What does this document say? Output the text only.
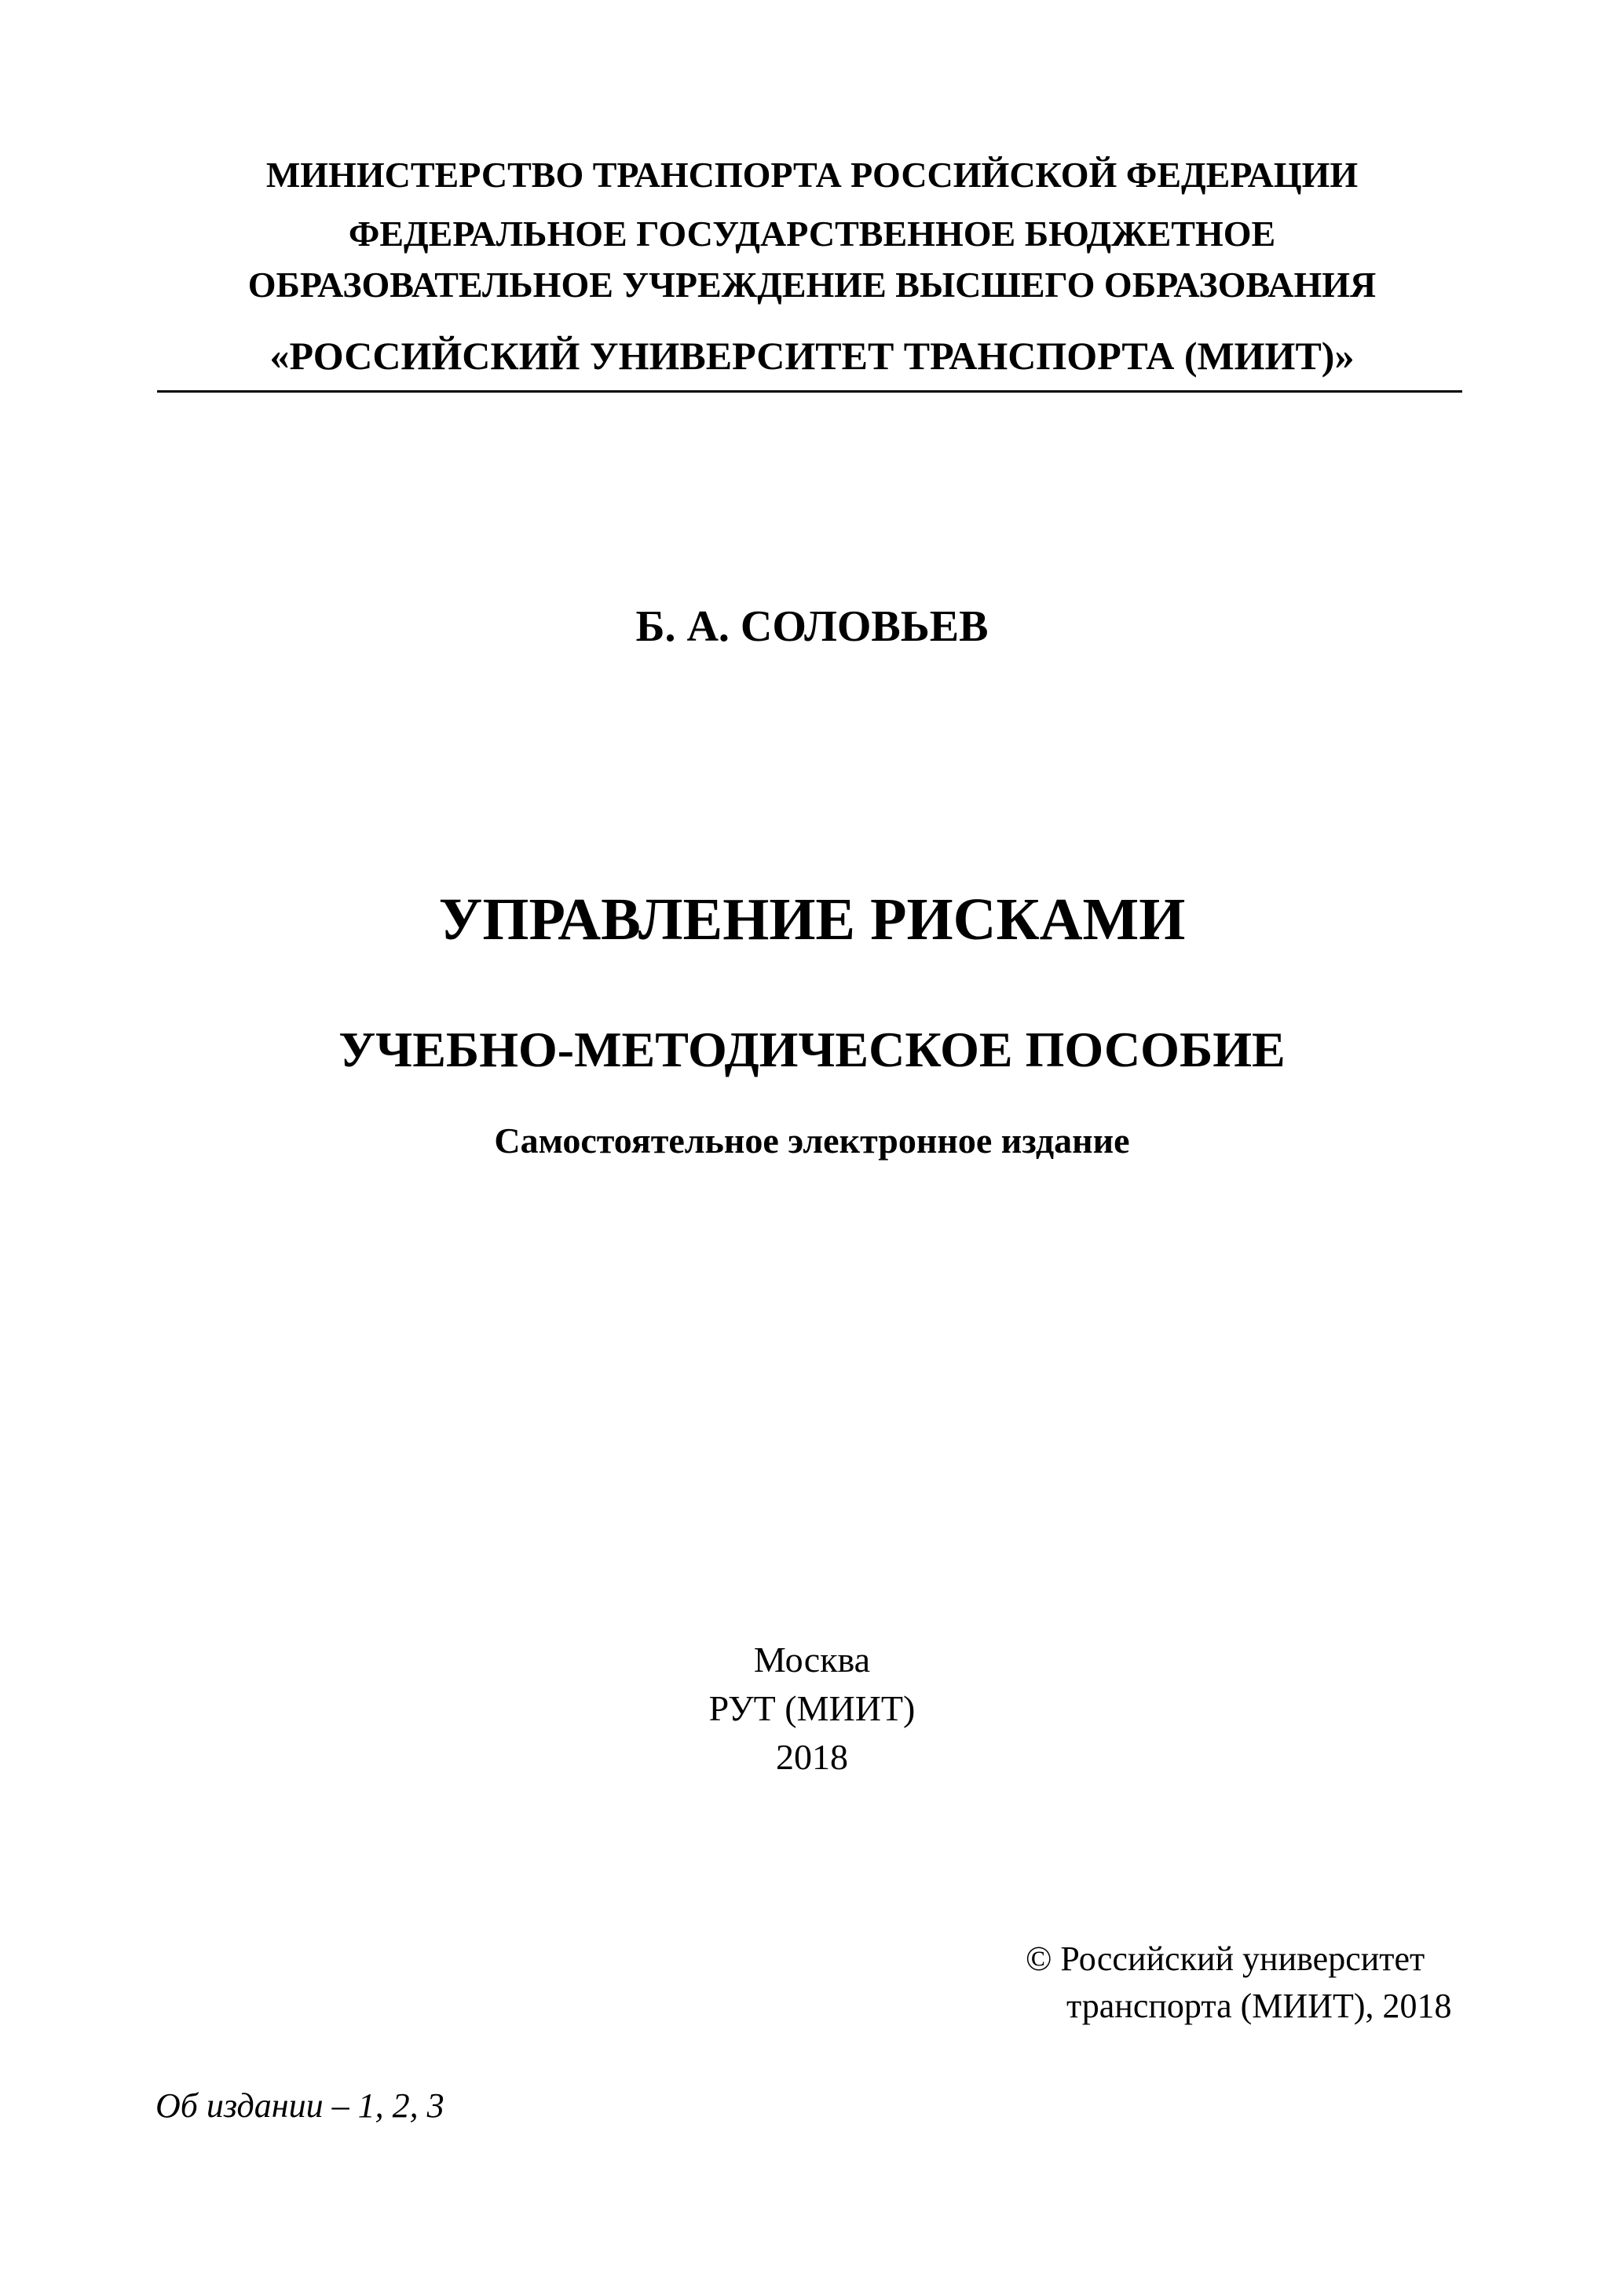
МИНИСТЕРСТВО ТРАНСПОРТА РОССИЙСКОЙ ФЕДЕРАЦИИ
ФЕДЕРАЛЬНОЕ ГОСУДАРСТВЕННОЕ БЮДЖЕТНОЕ
ОБРАЗОВАТЕЛЬНОЕ УЧРЕЖДЕНИЕ ВЫСШЕГО ОБРАЗОВАНИЯ
«РОССИЙСКИЙ УНИВЕРСИТЕТ ТРАНСПОРТА (МИИТ)»
Б. А. СОЛОВЬЕВ
УПРАВЛЕНИЕ РИСКАМИ
УЧЕБНО-МЕТОДИЧЕСКОЕ ПОСОБИЕ
Самостоятельное электронное издание
Москва
РУТ (МИИТ)
2018
© Российский университет
транспорта (МИИТ), 2018
Об издании – 1, 2, 3
